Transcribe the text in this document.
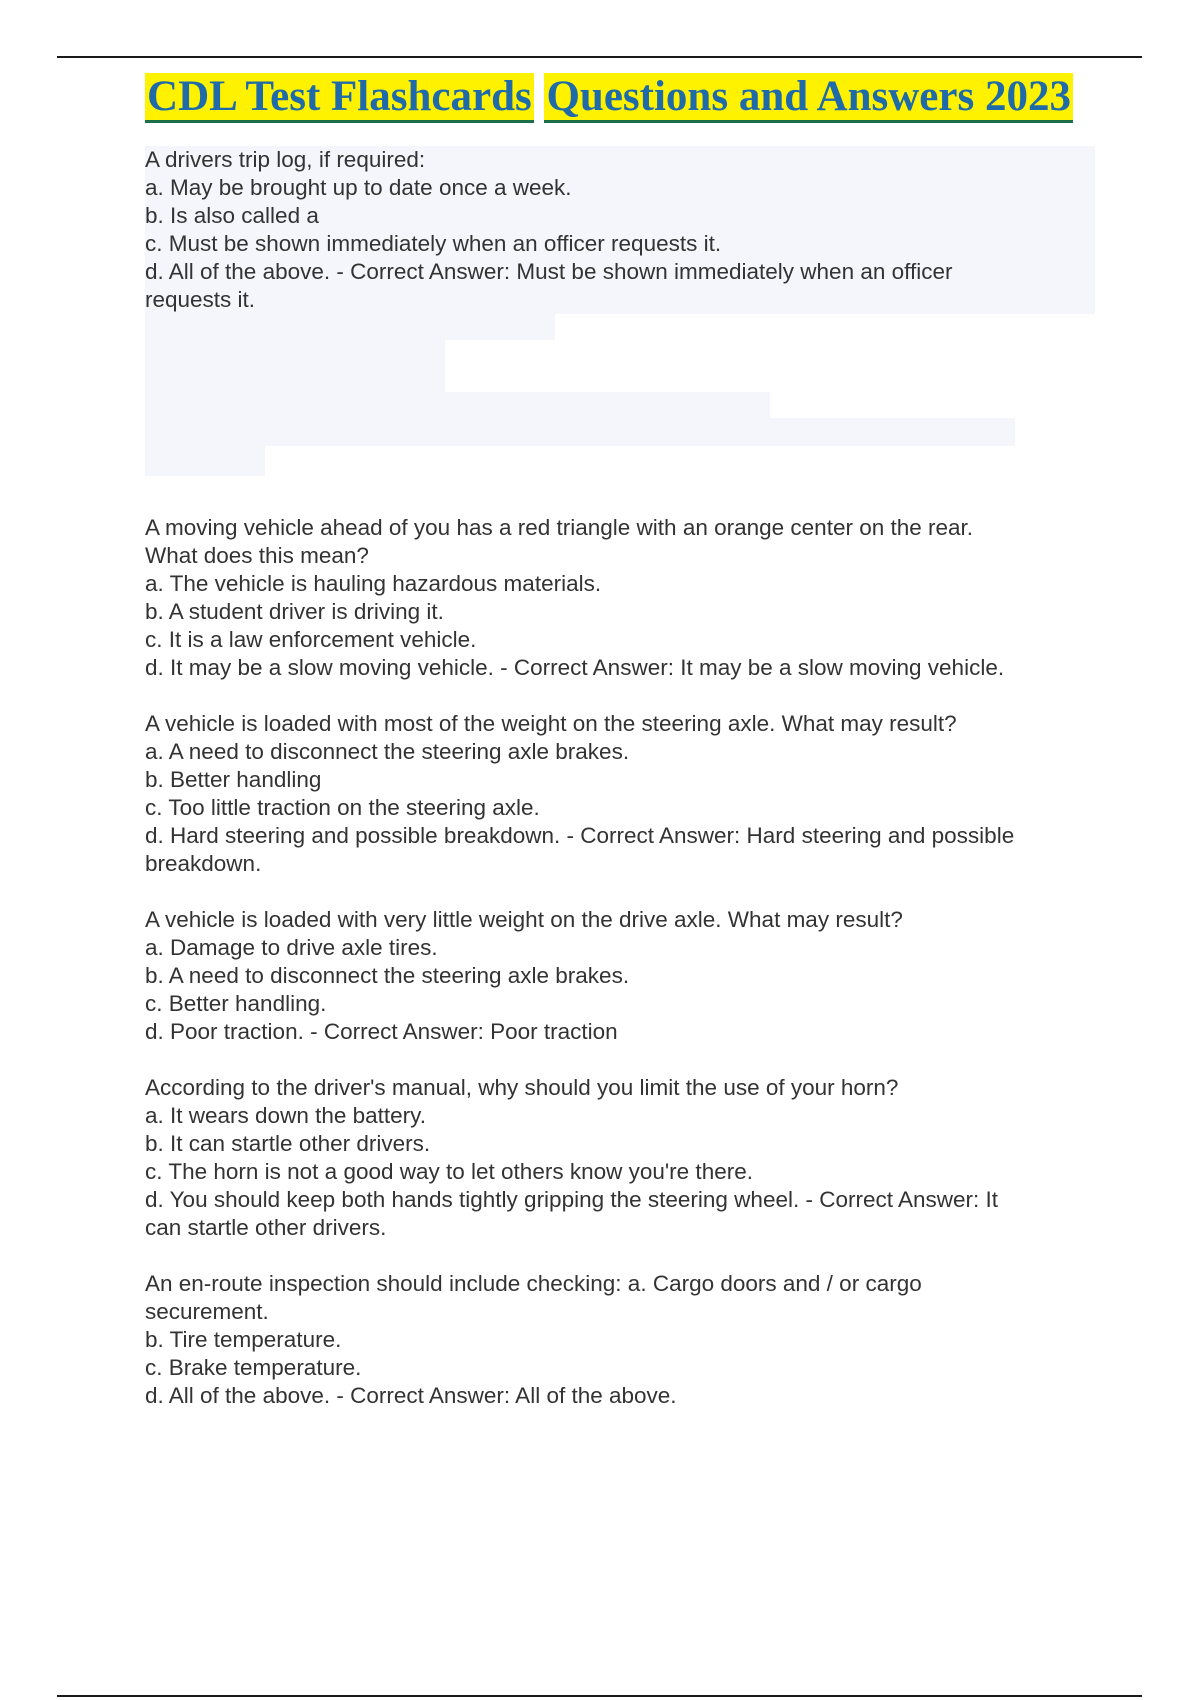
CDL Test Flashcards Questions and Answers 2023
A drivers trip log, if required:
a. May be brought up to date once a week.
b. Is also called a
c. Must be shown immediately when an officer requests it.
d. All of the above. - Correct Answer: Must be shown immediately when an officer
requests it.
A moving vehicle ahead of you has a red triangle with an orange center on the rear.
What does this mean?
a. The vehicle is hauling hazardous materials.
b. A student driver is driving it.
c. It is a law enforcement vehicle.
d. It may be a slow moving vehicle. - Correct Answer: It may be a slow moving vehicle.
A vehicle is loaded with most of the weight on the steering axle. What may result?
a. A need to disconnect the steering axle brakes.
b. Better handling
c. Too little traction on the steering axle.
d. Hard steering and possible breakdown. - Correct Answer: Hard steering and possible
breakdown.
A vehicle is loaded with very little weight on the drive axle. What may result?
a. Damage to drive axle tires.
b. A need to disconnect the steering axle brakes.
c. Better handling.
d. Poor traction. - Correct Answer: Poor traction
According to the driver's manual, why should you limit the use of your horn?
a. It wears down the battery.
b. It can startle other drivers.
c. The horn is not a good way to let others know you're there.
d. You should keep both hands tightly gripping the steering wheel. - Correct Answer: It
can startle other drivers.
An en-route inspection should include checking: a. Cargo doors and / or cargo
securement.
b. Tire temperature.
c. Brake temperature.
d. All of the above. - Correct Answer: All of the above.
